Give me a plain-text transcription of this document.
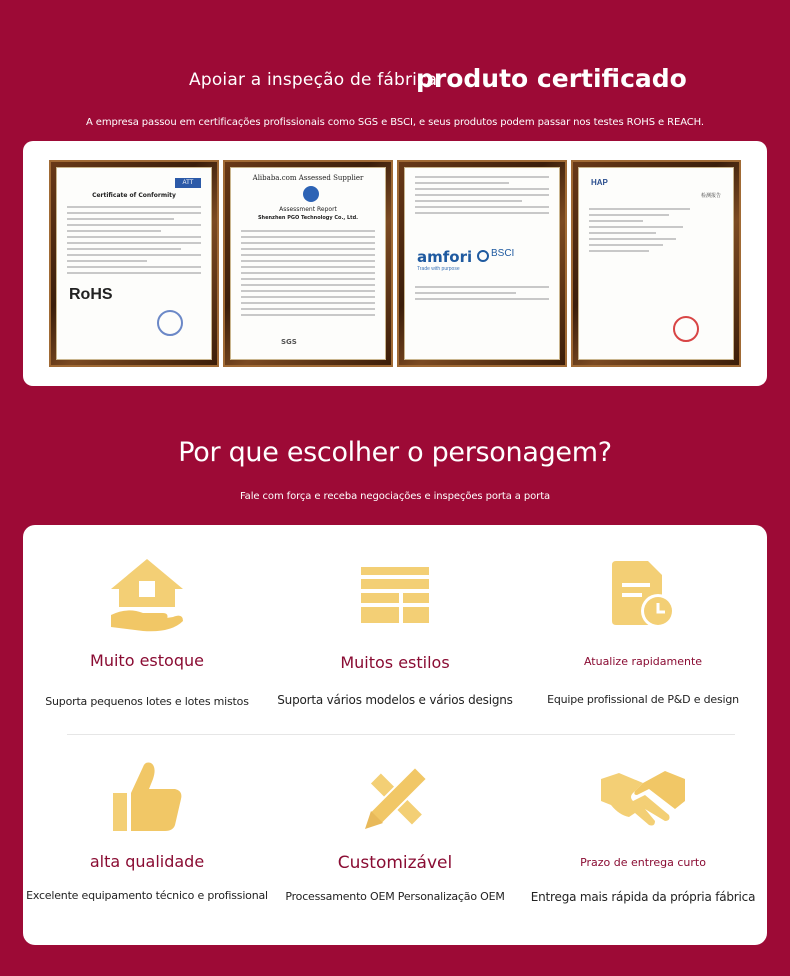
Apoiar a inspeção de fábrica
produto certificado
A empresa passou em certificações profissionais como SGS e BSCI, e seus produtos podem passar nos testes ROHS e REACH.
ATT
Certificate of Conformity
RoHS
Alibaba.com Assessed Supplier
Assessment Report
Shenzhen PGO Technology Co., Ltd.
SGS
amfori BSCI
Trade with purpose
HAP
检测报告
Por que escolher o personagem?
Fale com força e receba negociações e inspeções porta a porta
Muito estoque
Suporta pequenos lotes e lotes mistos
Muitos estilos
Suporta vários modelos e vários designs
Atualize rapidamente
Equipe profissional de P&D e design
alta qualidade
Excelente equipamento técnico e profissional
Customizável
Processamento OEM Personalização OEM
Prazo de entrega curto
Entrega mais rápida da própria fábrica
